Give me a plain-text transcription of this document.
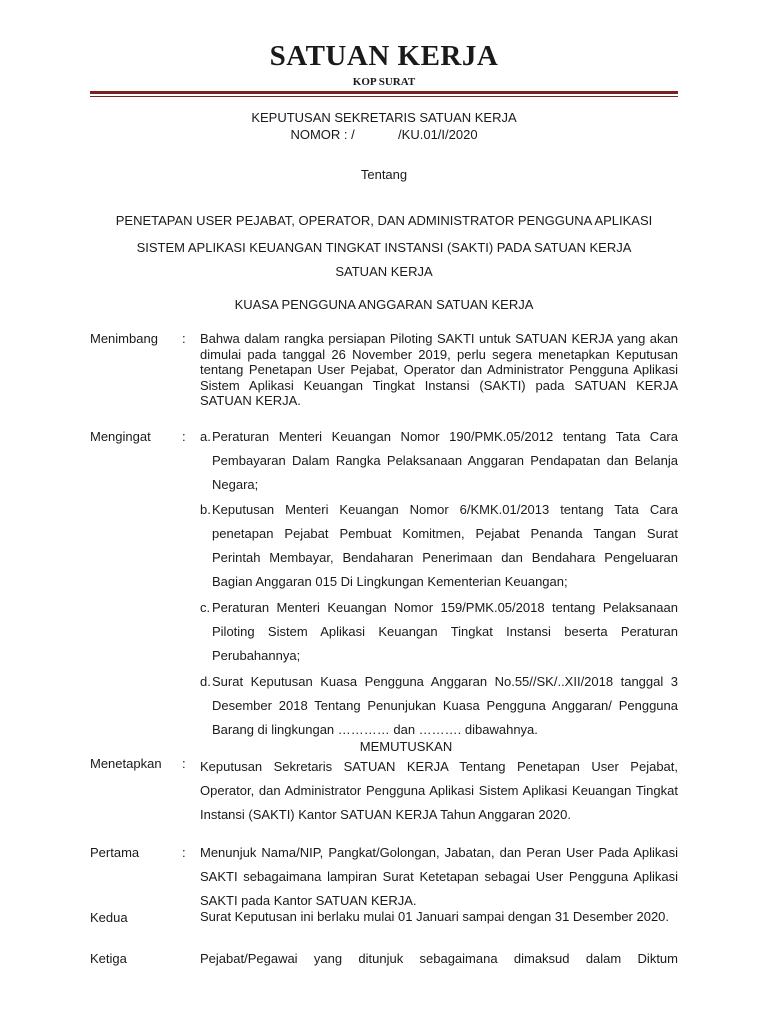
SATUAN KERJA
KOP SURAT
KEPUTUSAN SEKRETARIS SATUAN KERJA
NOMOR : /            /KU.01/I/2020
Tentang
PENETAPAN USER PEJABAT, OPERATOR, DAN ADMINISTRATOR PENGGUNA APLIKASI
SISTEM APLIKASI KEUANGAN TINGKAT INSTANSI (SAKTI) PADA SATUAN KERJA
SATUAN KERJA
KUASA PENGGUNA ANGGARAN SATUAN KERJA
Menimbang : Bahwa dalam rangka persiapan Piloting SAKTI untuk SATUAN KERJA yang akan dimulai pada tanggal 26 November 2019, perlu segera menetapkan Keputusan tentang Penetapan User Pejabat, Operator dan Administrator Pengguna Aplikasi Sistem Aplikasi Keuangan Tingkat Instansi (SAKTI) pada SATUAN KERJA SATUAN KERJA.
Mengingat : a. Peraturan Menteri Keuangan Nomor 190/PMK.05/2012 tentang Tata Cara Pembayaran Dalam Rangka Pelaksanaan Anggaran Pendapatan dan Belanja Negara;
b. Keputusan Menteri Keuangan Nomor 6/KMK.01/2013 tentang Tata Cara penetapan Pejabat Pembuat Komitmen, Pejabat Penanda Tangan Surat Perintah Membayar, Bendaharan Penerimaan dan Bendahara Pengeluaran Bagian Anggaran 015 Di Lingkungan Kementerian Keuangan;
c. Peraturan Menteri Keuangan Nomor 159/PMK.05/2018 tentang Pelaksanaan Piloting Sistem Aplikasi Keuangan Tingkat Instansi beserta Peraturan Perubahannya;
d. Surat Keputusan Kuasa Pengguna Anggaran No.55//SK/..XII/2018 tanggal 3 Desember 2018 Tentang Penunjukan Kuasa Pengguna Anggaran/ Pengguna Barang di lingkungan ………… dan ………. dibawahnya.
MEMUTUSKAN
Menetapkan : Keputusan Sekretaris SATUAN KERJA Tentang Penetapan User Pejabat, Operator, dan Administrator Pengguna Aplikasi Sistem Aplikasi Keuangan Tingkat Instansi (SAKTI) Kantor SATUAN KERJA Tahun Anggaran 2020.
Pertama	: Menunjuk Nama/NIP, Pangkat/Golongan, Jabatan, dan Peran User Pada Aplikasi SAKTI sebagaimana lampiran Surat Ketetapan sebagai User Pengguna Aplikasi SAKTI pada Kantor SATUAN KERJA.
Kedua	Surat Keputusan ini berlaku mulai 01 Januari sampai dengan 31 Desember 2020.
Ketiga	Pejabat/Pegawai yang ditunjuk sebagaimana dimaksud dalam Diktum
